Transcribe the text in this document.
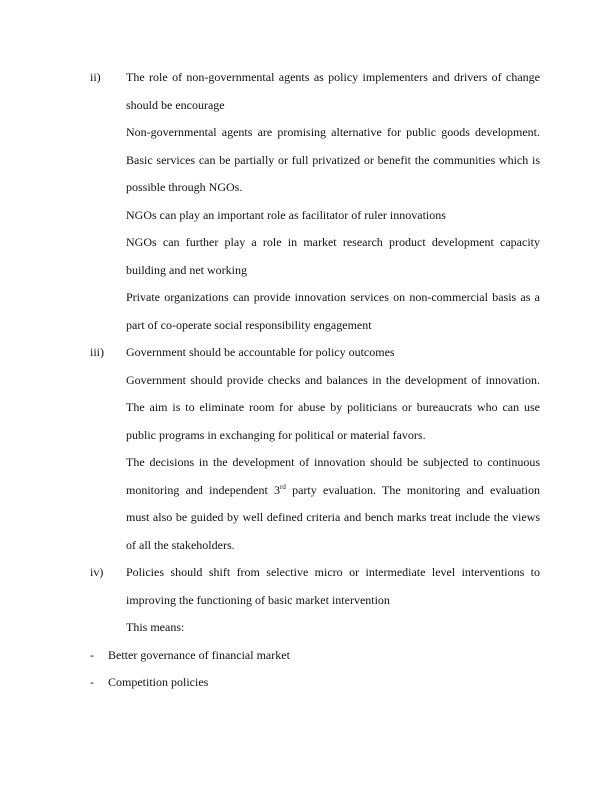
ii) The role of non-governmental agents as policy implementers and drivers of change
should be encourage
Non-governmental agents are promising alternative for public goods development.
Basic services can be partially or full privatized or benefit the communities which is
possible through NGOs.
NGOs can play an important role as facilitator of ruler innovations
NGOs can further play a role in market research product development capacity
building and net working
Private organizations can provide innovation services on non-commercial basis as a
part of co-operate social responsibility engagement
iii) Government should be accountable for policy outcomes
Government should provide checks and balances in the development of innovation.
The aim is to eliminate room for abuse by politicians or bureaucrats who can use
public programs in exchanging for political or material favors.
The decisions in the development of innovation should be subjected to continuous
monitoring and independent 3rd party evaluation. The monitoring and evaluation
must also be guided by well defined criteria and bench marks treat include the views
of all the stakeholders.
iv) Policies should shift from selective micro or intermediate level interventions to
improving the functioning of basic market intervention
This means:
- Better governance of financial market
- Competition policies
